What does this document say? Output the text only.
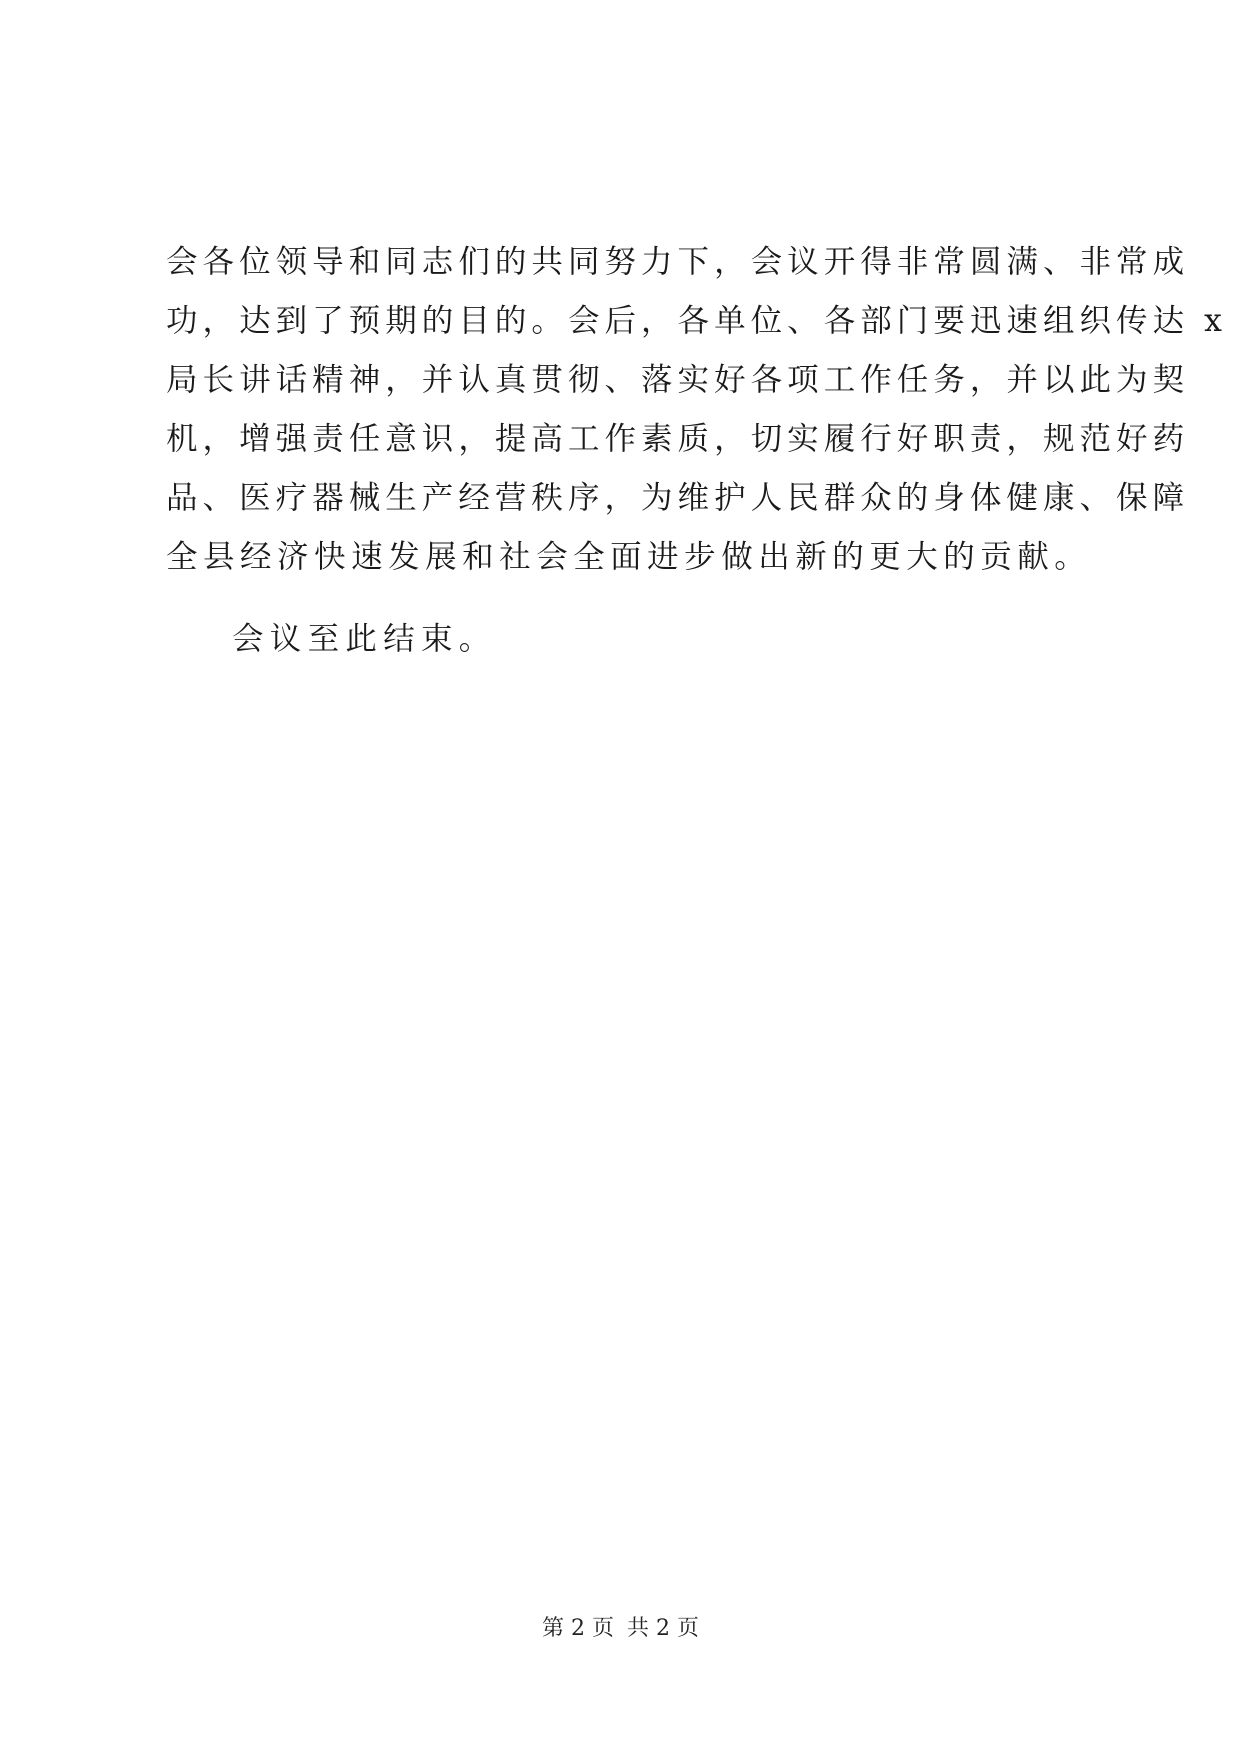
会各位领导和同志们的共同努力下，会议开得非常圆满、非常成
功，达到了预期的目的。会后，各单位、各部门要迅速组织传达 x
局长讲话精神，并认真贯彻、落实好各项工作任务，并以此为契
机，增强责任意识，提高工作素质，切实履行好职责，规范好药
品、医疗器械生产经营秩序，为维护人民群众的身体健康、保障
全县经济快速发展和社会全面进步做出新的更大的贡献。
会议至此结束。
第 2 页 共 2 页
